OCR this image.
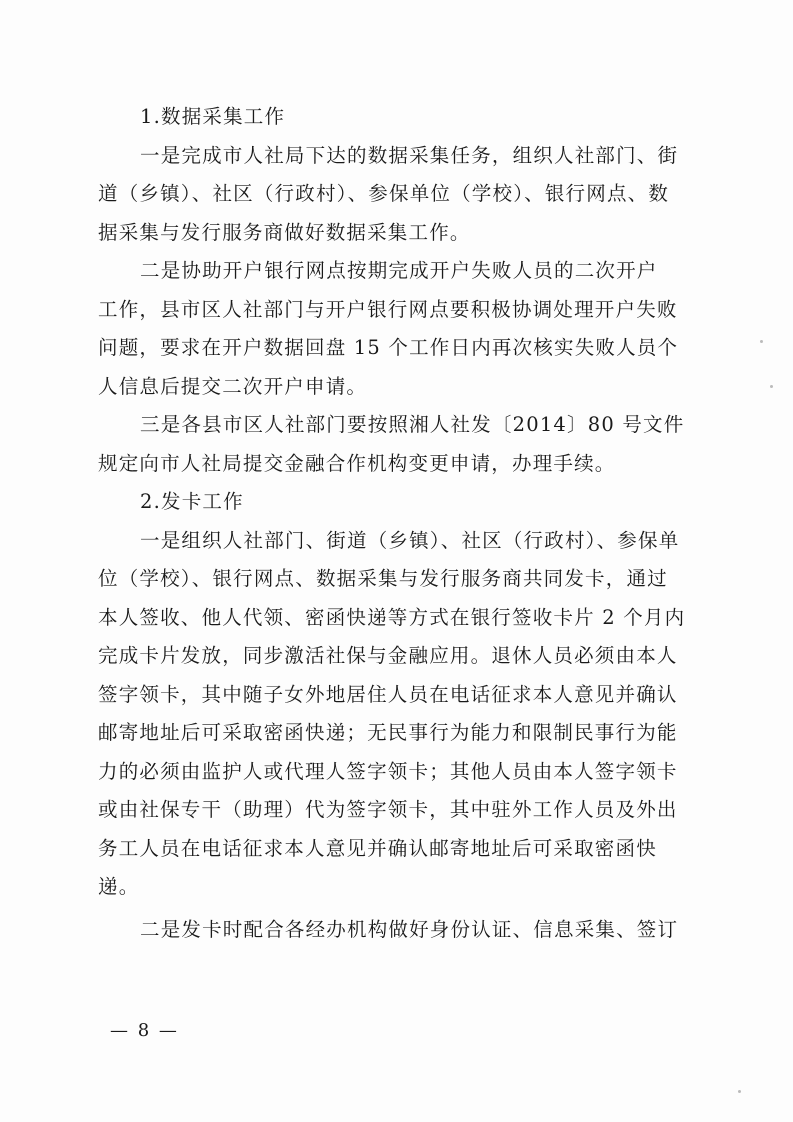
1.数据采集工作
一是完成市人社局下达的数据采集任务，组织人社部门、街
道（乡镇）、社区（行政村）、参保单位（学校）、银行网点、数
据采集与发行服务商做好数据采集工作。
二是协助开户银行网点按期完成开户失败人员的二次开户
工作，县市区人社部门与开户银行网点要积极协调处理开户失败
问题，要求在开户数据回盘 15 个工作日内再次核实失败人员个
人信息后提交二次开户申请。
三是各县市区人社部门要按照湘人社发〔2014〕80 号文件
规定向市人社局提交金融合作机构变更申请，办理手续。
2.发卡工作
一是组织人社部门、街道（乡镇）、社区（行政村）、参保单
位（学校）、银行网点、数据采集与发行服务商共同发卡，通过
本人签收、他人代领、密函快递等方式在银行签收卡片 2 个月内
完成卡片发放，同步激活社保与金融应用。退休人员必须由本人
签字领卡，其中随子女外地居住人员在电话征求本人意见并确认
邮寄地址后可采取密函快递；无民事行为能力和限制民事行为能
力的必须由监护人或代理人签字领卡；其他人员由本人签字领卡
或由社保专干（助理）代为签字领卡，其中驻外工作人员及外出
务工人员在电话征求本人意见并确认邮寄地址后可采取密函快
递。
二是发卡时配合各经办机构做好身份认证、信息采集、签订
— 8 —
